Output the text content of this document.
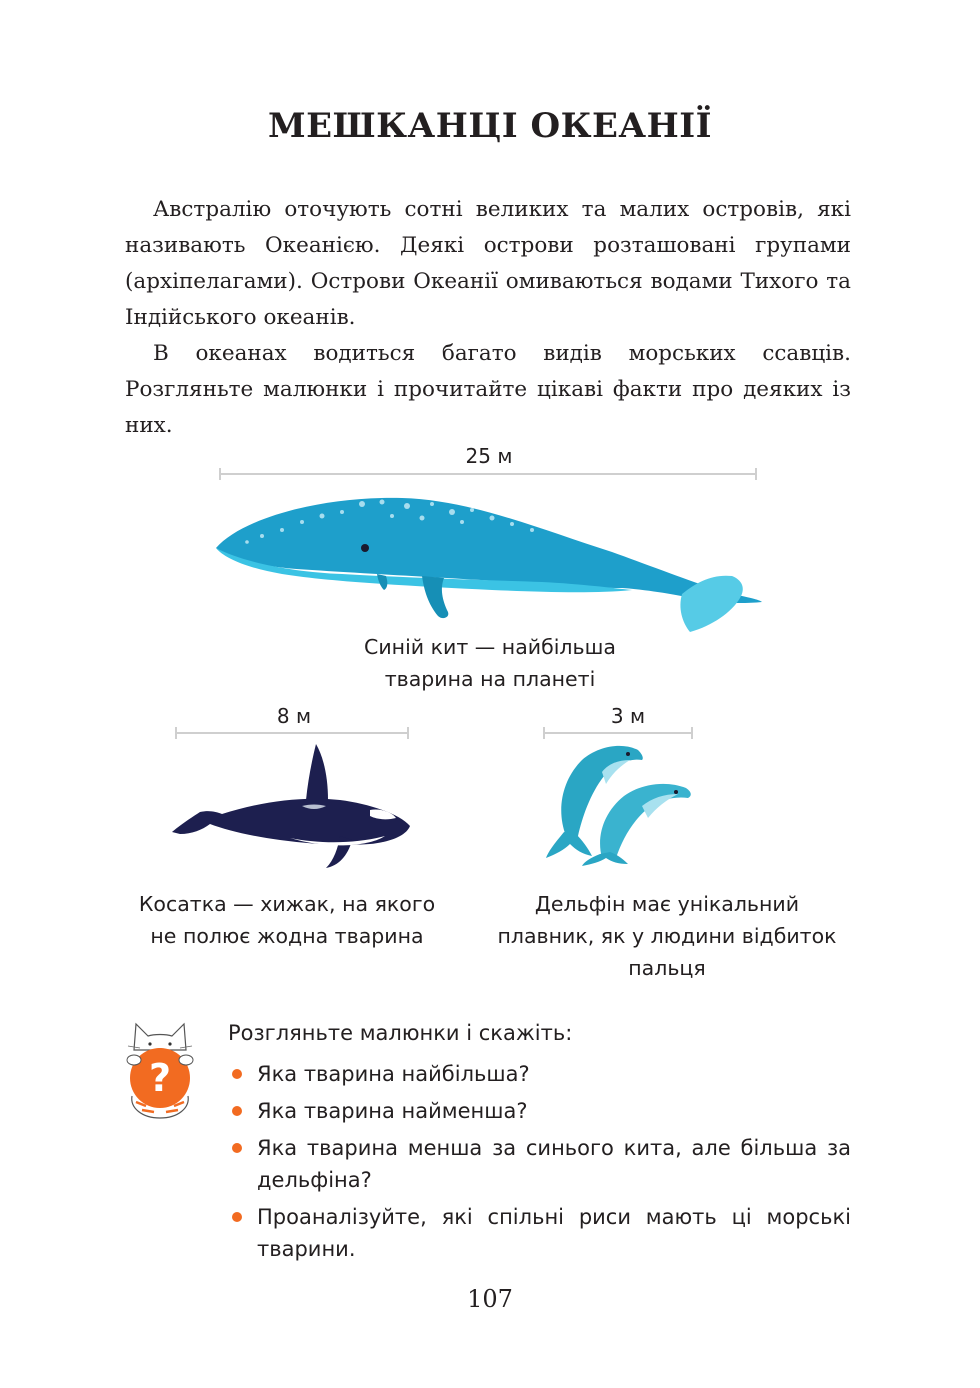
МЕШКАНЦІ ОКЕАНІЇ

Австралію оточують сотні великих та малих островів, які називають Океанією. Деякі острови розташовані групами (архіпелагами). Острови Океанії омиваються водами Тихого та Індійського океанів.

В океанах водиться багато видів морських ссавців. Розгляньте малюнки і прочитайте цікаві факти про деяких із них.

25 м
Синій кит — найбільша
тварина на планеті
8 м
Косатка — хижак, на якого
не полює жодна тварина
3 м
Дельфін має унікальний
плавник, як у людини відбиток
пальця
?
Розгляньте малюнки і скажіть:
Яка тварина найбільша?
Яка тварина найменша?
Яка тварина менша за синього кита, але більша за дельфіна?
Проаналізуйте, які спільні риси мають ці морські тварини.
107
